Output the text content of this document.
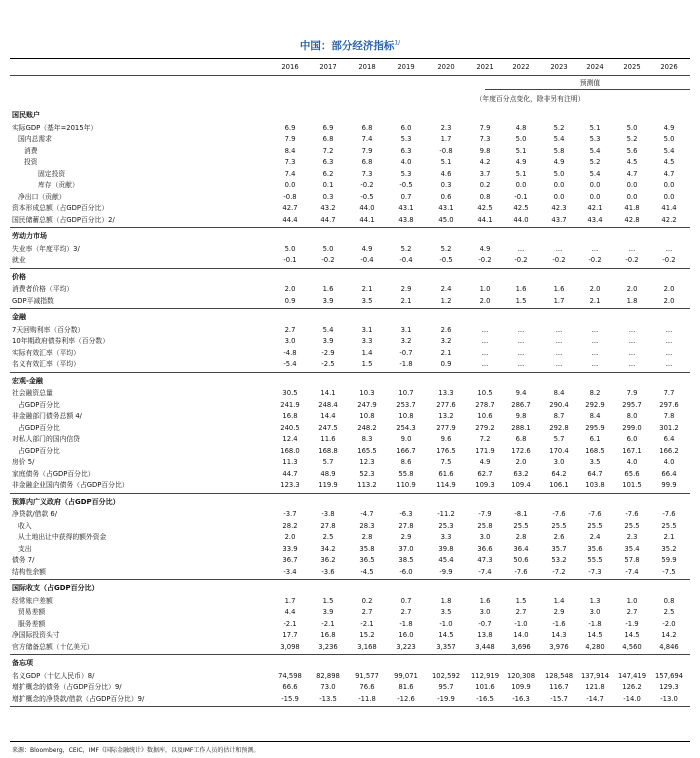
中国：部分经济指标$^{1/}$
2016	2017	2018	2019	2020	2021	2022	2023	2024	2025	2026
预测值
（年度百分点变化，除非另有注明）
国民账户
实际GDP（基年=2015年）	6.9	6.9	6.8	6.0	2.3	7.9	4.8	5.2	5.1	5.0	4.9
国内总需求	7.9	6.8	7.4	5.3	1.7	7.3	5.0	5.4	5.3	5.2	5.0
消费	8.4	7.2	7.9	6.3	-0.8	9.8	5.1	5.8	5.4	5.6	5.4
投资	7.3	6.3	6.8	4.0	5.1	4.2	4.9	4.9	5.2	4.5	4.5
固定投资	7.4	6.2	7.3	5.3	4.6	3.7	5.1	5.0	5.4	4.7	4.7
库存（贡献）	0.0	0.1	-0.2	-0.5	0.3	0.2	0.0	0.0	0.0	0.0	0.0
净出口（贡献）	-0.8	0.3	-0.5	0.7	0.6	0.8	-0.1	0.0	0.0	0.0	0.0
资本形成总额（占GDP百分比）	42.7	43.2	44.0	43.1	43.1	42.5	42.5	42.3	42.1	41.8	41.4
国民储蓄总额（占GDP百分比）2/	44.4	44.7	44.1	43.8	45.0	44.1	44.0	43.7	43.4	42.8	42.2
劳动力市场
失业率（年度平均）3/	5.0	5.0	4.9	5.2	5.2	4.9	...	...	...	...	...
就业	-0.1	-0.2	-0.4	-0.4	-0.5	-0.2	-0.2	-0.2	-0.2	-0.2	-0.2
价格
消费者价格（平均）	2.0	1.6	2.1	2.9	2.4	1.0	1.6	1.6	2.0	2.0	2.0
GDP平减指数	0.9	3.9	3.5	2.1	1.2	2.0	1.5	1.7	2.1	1.8	2.0
金融
7天回购利率（百分数）	2.7	5.4	3.1	3.1	2.6	...	...	...	...	...	...
10年期政府债券利率（百分数）	3.0	3.9	3.3	3.2	3.2	...	...	...	...	...	...
实际有效汇率（平均）	-4.8	-2.9	1.4	-0.7	2.1	...	...	...	...	...	...
名义有效汇率（平均）	-5.4	-2.5	1.5	-1.8	0.9	...	...	...	...	...	...
宏观-金融
社会融资总量	30.5	14.1	10.3	10.7	13.3	10.5	9.4	8.4	8.2	7.9	7.7
占GDP百分比	241.9	248.4	247.9	253.7	277.6	278.7	286.7	290.4	292.9	295.7	297.6
非金融部门债务总额 4/	16.8	14.4	10.8	10.8	13.2	10.6	9.8	8.7	8.4	8.0	7.8
占GDP百分比	240.5	247.5	248.2	254.3	277.9	279.2	288.1	292.8	295.9	299.0	301.2
对私人部门的国内信贷	12.4	11.6	8.3	9.0	9.6	7.2	6.8	5.7	6.1	6.0	6.4
占GDP百分比	168.0	168.8	165.5	166.7	176.5	171.9	172.6	170.4	168.5	167.1	166.2
房价 5/	11.3	5.7	12.3	8.6	7.5	4.9	2.0	3.0	3.5	4.0	4.0
家庭债务（占GDP百分比）	44.7	48.9	52.3	55.8	61.6	62.7	63.2	64.2	64.7	65.6	66.4
非金融企业国内债务（占GDP百分比）	123.3	119.9	113.2	110.9	114.9	109.3	109.4	106.1	103.8	101.5	99.9
预算内广义政府（占GDP百分比）
净贷款/借款 6/	-3.7	-3.8	-4.7	-6.3	-11.2	-7.9	-8.1	-7.6	-7.6	-7.6	-7.6
收入	28.2	27.8	28.3	27.8	25.3	25.8	25.5	25.5	25.5	25.5	25.5
从土地出让中获得的额外资金	2.0	2.5	2.8	2.9	3.3	3.0	2.8	2.6	2.4	2.3	2.1
支出	33.9	34.2	35.8	37.0	39.8	36.6	36.4	35.7	35.6	35.4	35.2
债务 7/	36.7	36.2	36.5	38.5	45.4	47.3	50.6	53.2	55.5	57.8	59.9
结构性余额	-3.4	-3.6	-4.5	-6.0	-9.9	-7.4	-7.6	-7.2	-7.3	-7.4	-7.5
国际收支（占GDP百分比）
经常账户差额	1.7	1.5	0.2	0.7	1.8	1.6	1.5	1.4	1.3	1.0	0.8
贸易差额	4.4	3.9	2.7	2.7	3.5	3.0	2.7	2.9	3.0	2.7	2.5
服务差额	-2.1	-2.1	-2.1	-1.8	-1.0	-0.7	-1.0	-1.6	-1.8	-1.9	-2.0
净国际投资头寸	17.7	16.8	15.2	16.0	14.5	13.8	14.0	14.3	14.5	14.5	14.2
官方储备总额（十亿美元）	3,098	3,236	3,168	3,223	3,357	3,448	3,696	3,976	4,280	4,560	4,846
备忘项
名义GDP（十亿人民币）8/	74,598	82,898	91,577	99,071	102,592	112,919	120,308	128,548	137,914	147,419	157,694
增扩概念的债务（占GDP百分比）9/	66.6	73.0	76.6	81.6	95.7	101.6	109.9	116.7	121.8	126.2	129.3
增扩概念的净贷款/借款（占GDP百分比）9/	-15.9	-13.5	-11.8	-12.6	-19.9	-16.5	-16.3	-15.7	-14.7	-14.0	-13.0
来源：Bloomberg，CEIC，IMF《国际金融统计》数据库，以及IMF工作人员的估计和预测。
